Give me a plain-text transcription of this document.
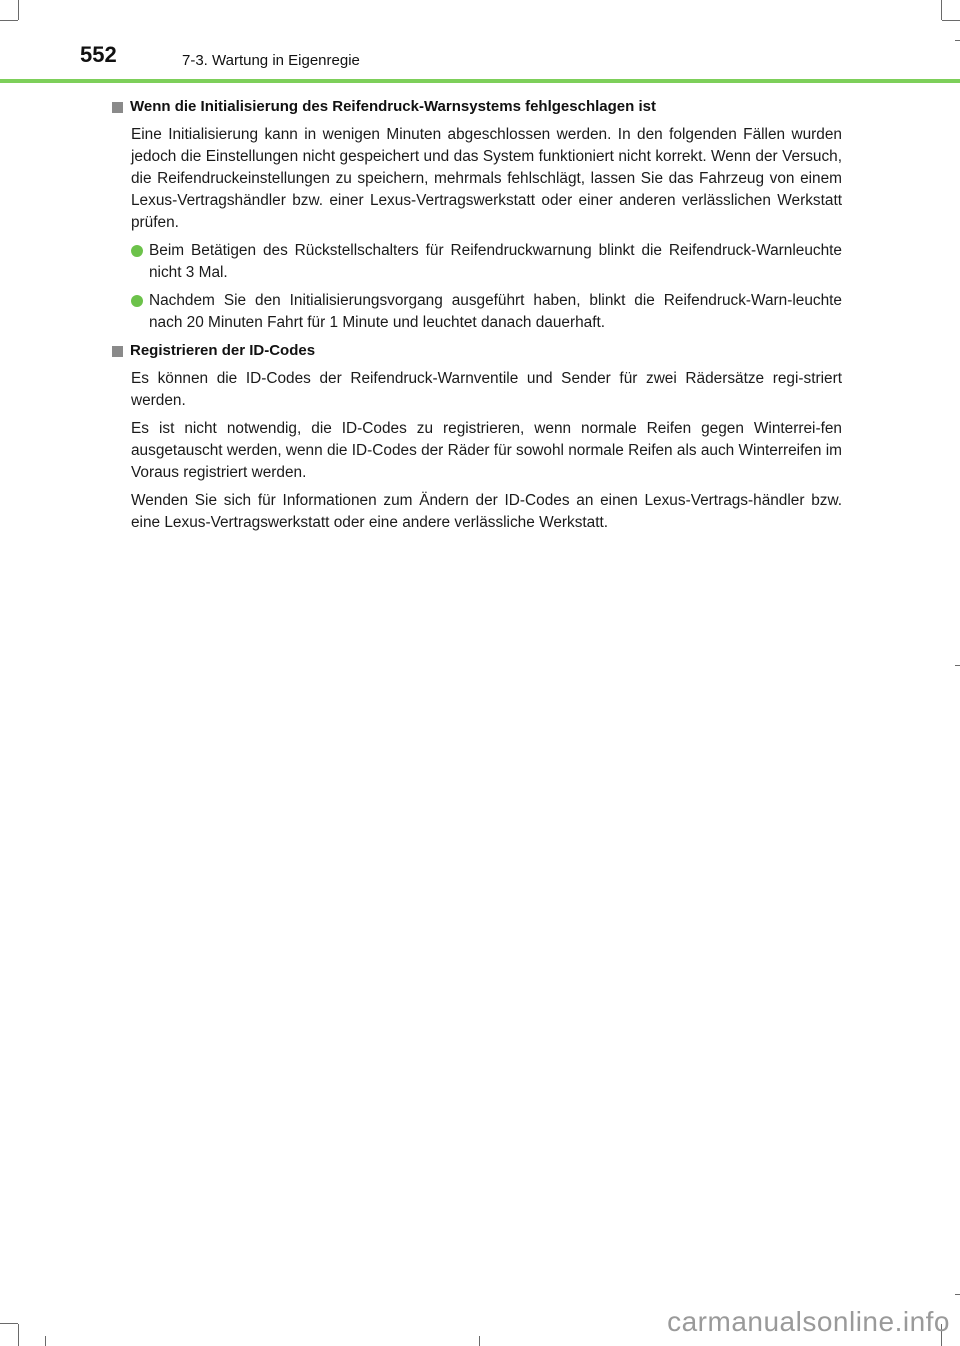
552	7-3. Wartung in Eigenregie
Wenn die Initialisierung des Reifendruck-Warnsystems fehlgeschlagen ist

Eine Initialisierung kann in wenigen Minuten abgeschlossen werden. In den folgenden Fällen wurden jedoch die Einstellungen nicht gespeichert und das System funktioniert nicht korrekt. Wenn der Versuch, die Reifendruckeinstellungen zu speichern, mehrmals fehlschlägt, lassen Sie das Fahrzeug von einem Lexus-Vertragshändler bzw. einer Lexus-Vertragswerkstatt oder einer anderen verlässlichen Werkstatt prüfen.

Beim Betätigen des Rückstellschalters für Reifendruckwarnung blinkt die Reifendruck-Warnleuchte nicht 3 Mal.
Nachdem Sie den Initialisierungsvorgang ausgeführt haben, blinkt die Reifendruck-Warn-leuchte nach 20 Minuten Fahrt für 1 Minute und leuchtet danach dauerhaft.
Registrieren der ID-Codes

Es können die ID-Codes der Reifendruck-Warnventile und Sender für zwei Rädersätze regi-striert werden.

Es ist nicht notwendig, die ID-Codes zu registrieren, wenn normale Reifen gegen Winterrei-fen ausgetauscht werden, wenn die ID-Codes der Räder für sowohl normale Reifen als auch Winterreifen im Voraus registriert werden.

Wenden Sie sich für Informationen zum Ändern der ID-Codes an einen Lexus-Vertrags-händler bzw. eine Lexus-Vertragswerkstatt oder eine andere verlässliche Werkstatt.

carmanualsonline.info
